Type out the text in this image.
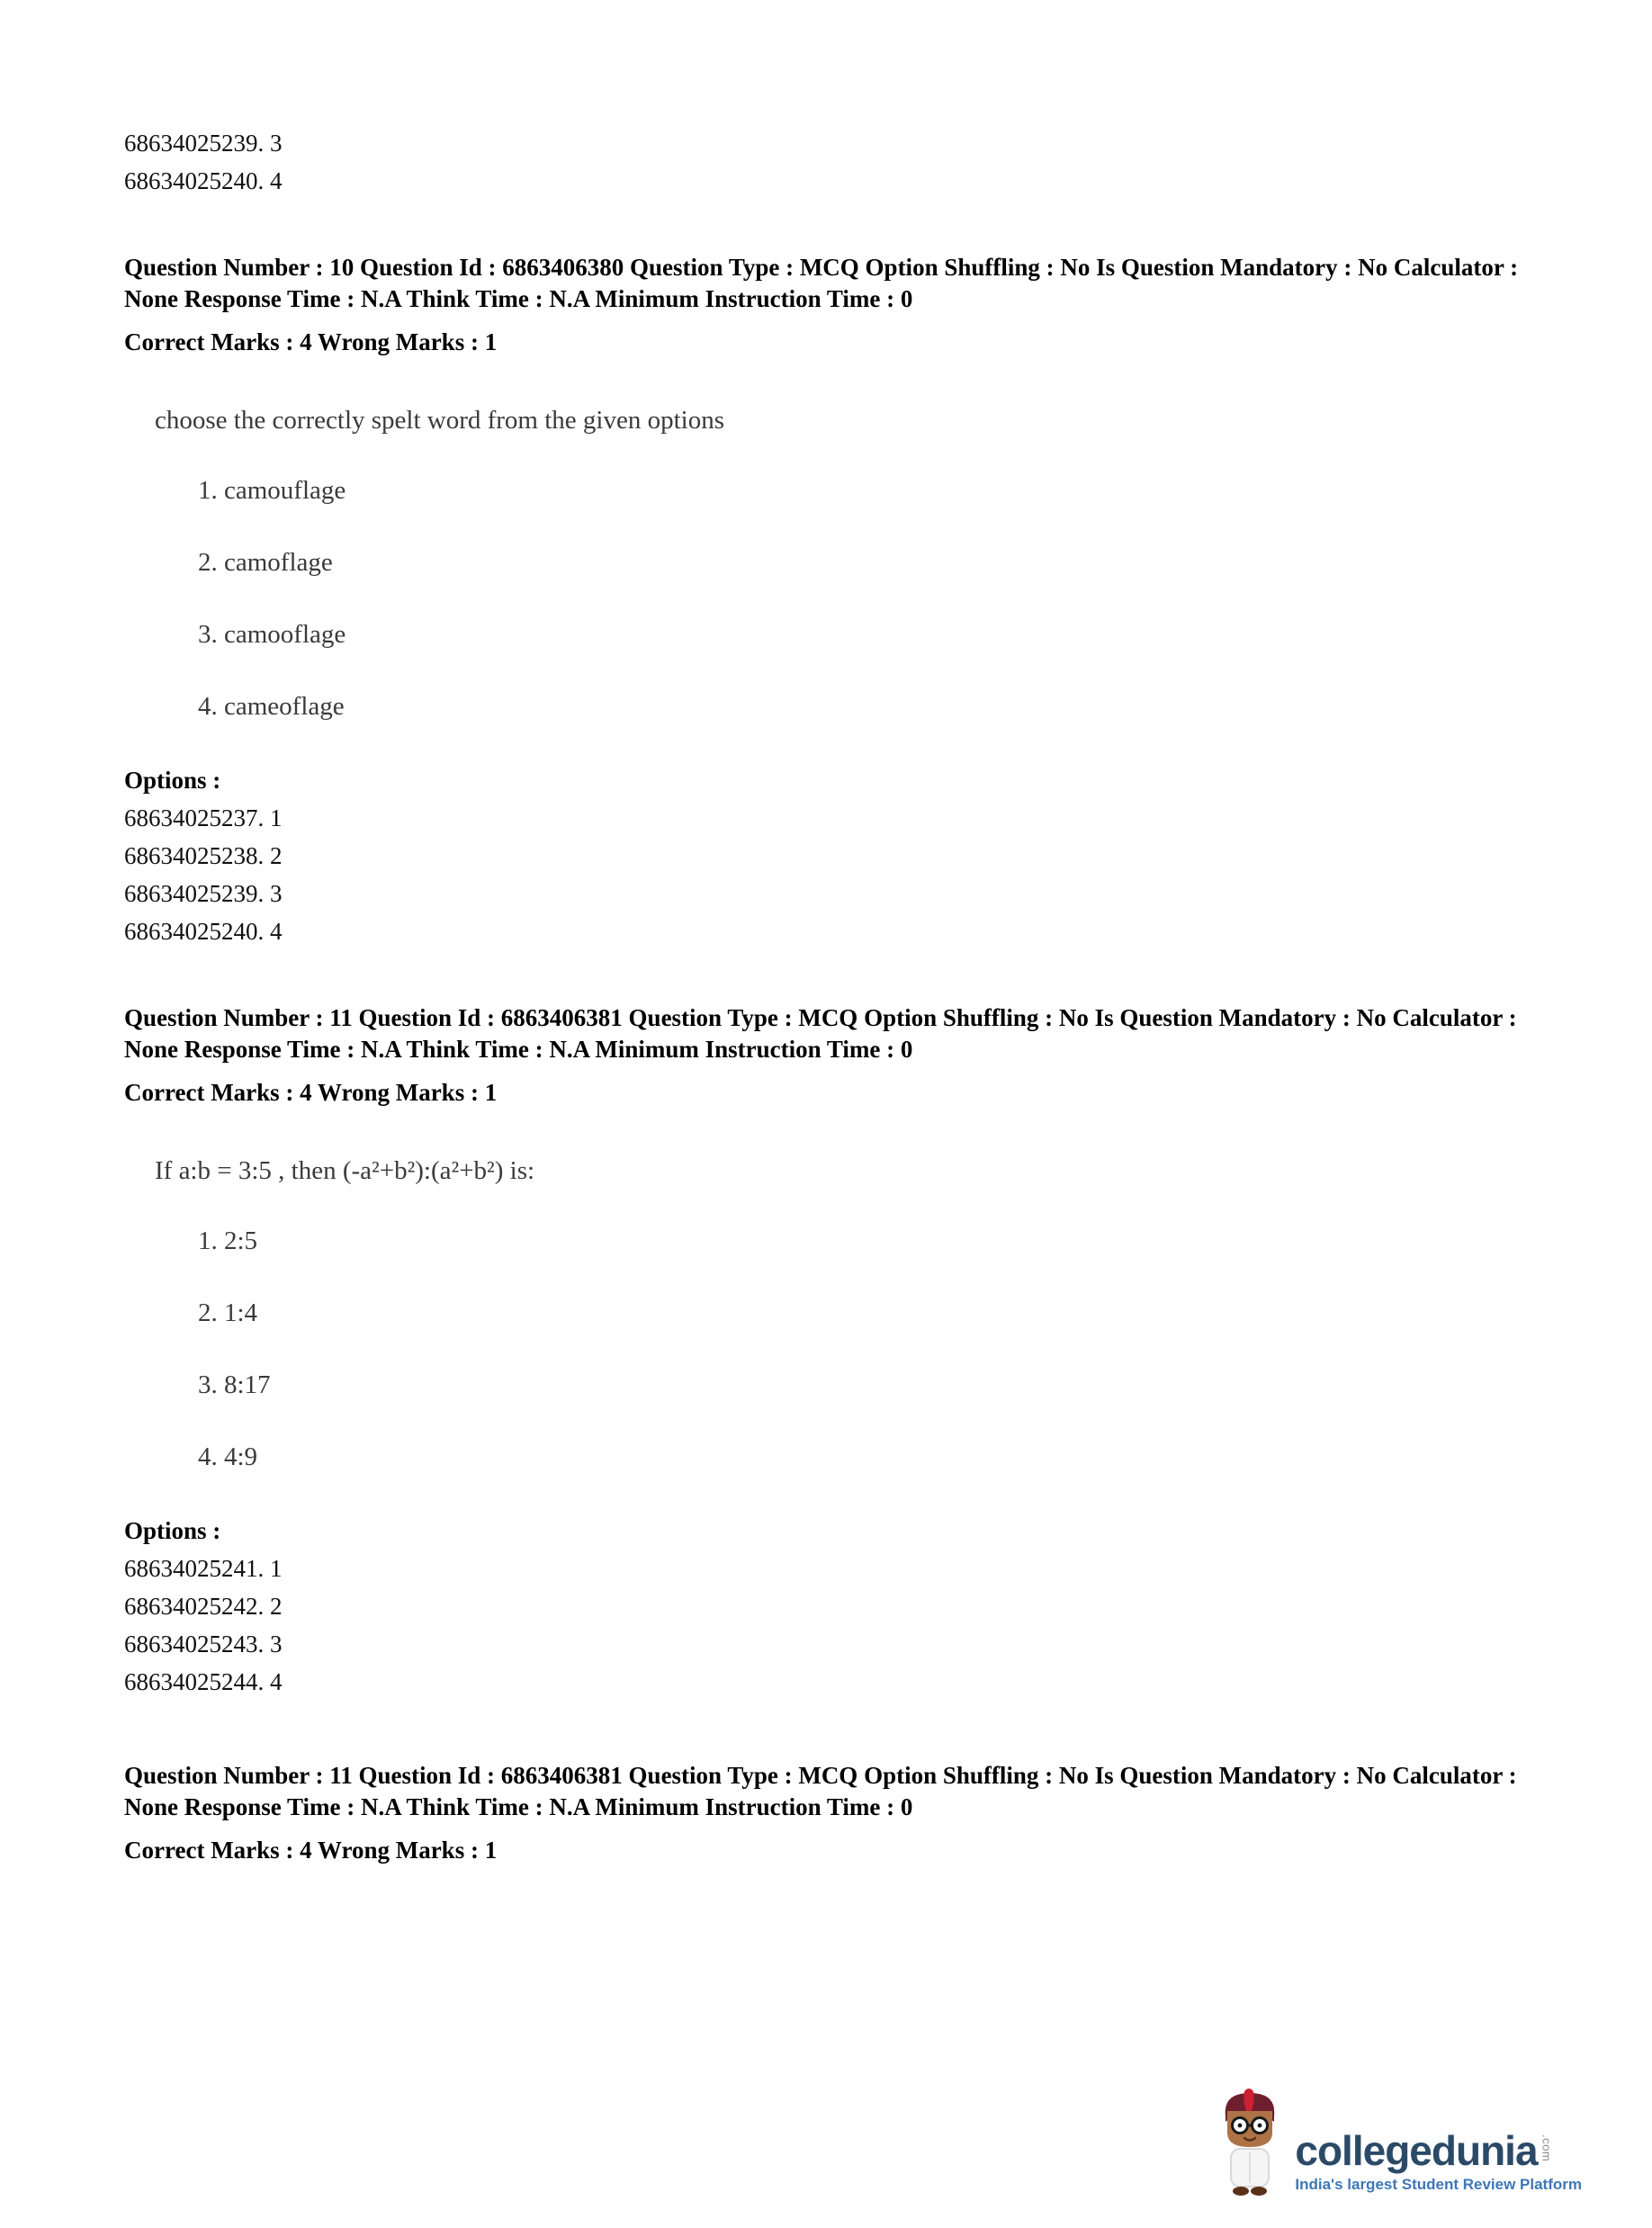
68634025239. 3
68634025240. 4
Question Number : 10 Question Id : 6863406380 Question Type : MCQ Option Shuffling : No Is Question Mandatory : No Calculator : None Response Time : N.A Think Time : N.A Minimum Instruction Time : 0
Correct Marks : 4 Wrong Marks : 1
choose the correctly spelt word from the given options
1. camouflage
2. camoflage
3. camooflage
4. cameoflage
Options :
68634025237. 1
68634025238. 2
68634025239. 3
68634025240. 4
Question Number : 11 Question Id : 6863406381 Question Type : MCQ Option Shuffling : No Is Question Mandatory : No Calculator : None Response Time : N.A Think Time : N.A Minimum Instruction Time : 0
Correct Marks : 4 Wrong Marks : 1
If a:b = 3:5 , then (-a²+b²):(a²+b²) is:
1. 2:5
2. 1:4
3. 8:17
4. 4:9
Options :
68634025241. 1
68634025242. 2
68634025243. 3
68634025244. 4
Question Number : 11 Question Id : 6863406381 Question Type : MCQ Option Shuffling : No Is Question Mandatory : No Calculator : None Response Time : N.A Think Time : N.A Minimum Instruction Time : 0
Correct Marks : 4 Wrong Marks : 1
collegedunia .com
India's largest Student Review Platform
